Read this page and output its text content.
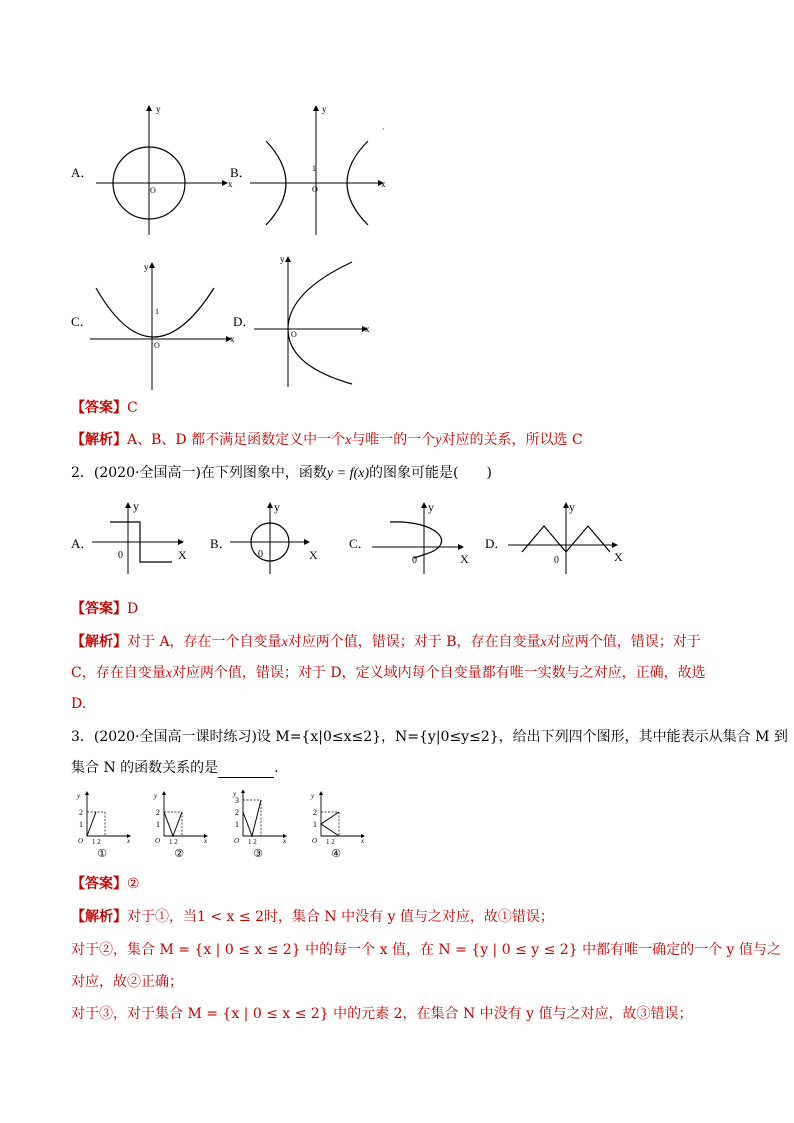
A．
y
x
O
B．
y
x
1
O
·
C．
y
x
1
O
D．
y
x
O
【答案】C
【解析】A、B、D 都不满足函数定义中一个x与唯一的一个y对应的关系，所以选 C
2．(2020·全国高一)在下列图象中，函数y = f(x)的图象可能是(　　)
A．
y
X
0
B．
y
X
0
C．
y
X
0
D．
y
X
0
【答案】D
【解析】对于 A，存在一个自变量x对应两个值，错误；对于 B，存在自变量x对应两个值，错误；对于
C，存在自变量x对应两个值，错误；对于 D，定义域内每个自变量都有唯一实数与之对应，正确，故选
D.
3．(2020·全国高一课时练习)设 M={x|0≤x≤2}，N={y|0≤y≤2}，给出下列四个图形，其中能表示从集合 M 到
集合 N 的函数关系的是	.
y
2
1
O 1 2	x
①
y
2
1
O 1 2	x
②
y
3
2
1
O 1 2	x
③
y
2
1
O 1 2	x
④
【答案】②
【解析】对于①，当1 < x ≤ 2时，集合 N 中没有 y 值与之对应，故①错误；
对于②，集合 M = {x | 0 ≤ x ≤ 2} 中的每一个 x 值，在 N = {y | 0 ≤ y ≤ 2} 中都有唯一确定的一个 y 值与之
对应，故②正确；
对于③，对于集合 M = {x | 0 ≤ x ≤ 2} 中的元素 2，在集合 N 中没有 y 值与之对应，故③错误；
